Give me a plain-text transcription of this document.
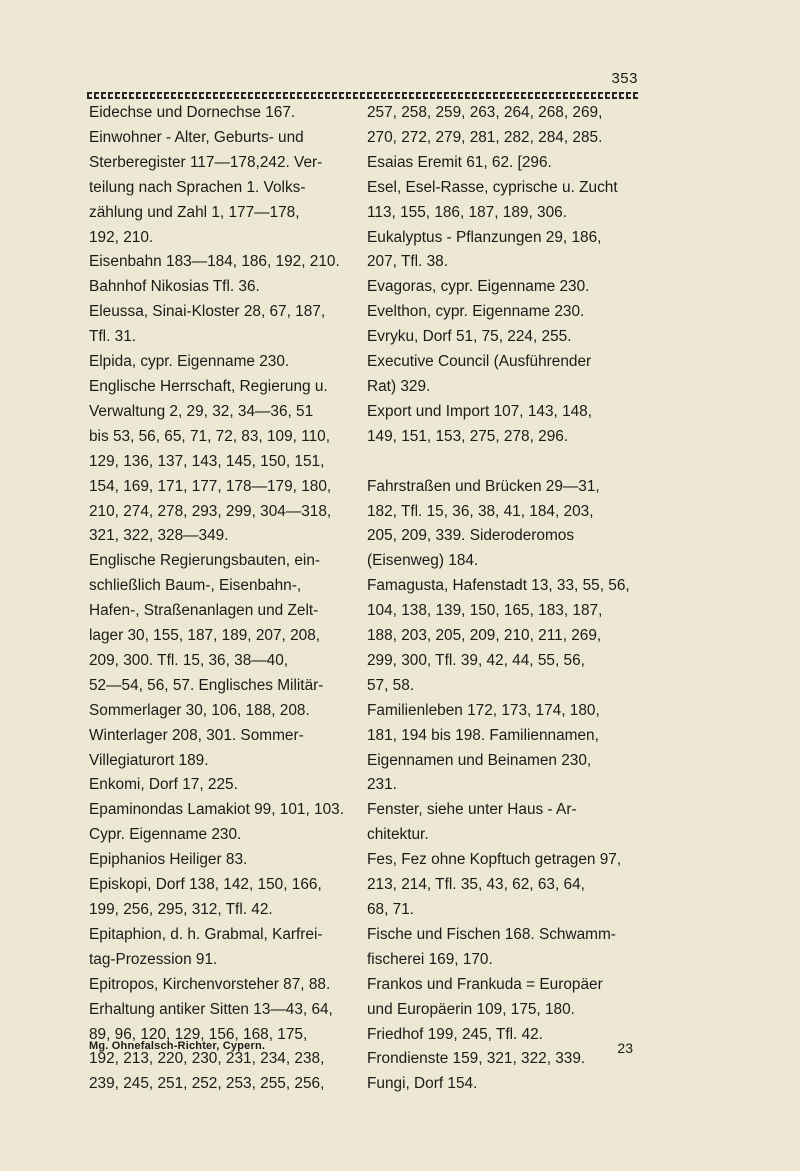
353
Eidechse und Dornechse 167.
Einwohner - Alter, Geburts- und
Sterberegister 117—178,242. Ver-
teilung nach Sprachen 1. Volks-
zählung und Zahl 1, 177—178,
192, 210.
Eisenbahn 183—184, 186, 192, 210.
Bahnhof Nikosias Tfl. 36.
Eleussa, Sinai-Kloster 28, 67, 187,
Tfl. 31.
Elpida, cypr. Eigenname 230.
Englische Herrschaft, Regierung u.
Verwaltung 2, 29, 32, 34—36, 51
bis 53, 56, 65, 71, 72, 83, 109, 110,
129, 136, 137, 143, 145, 150, 151,
154, 169, 171, 177, 178—179, 180,
210, 274, 278, 293, 299, 304—318,
321, 322, 328—349.
Englische Regierungsbauten, ein-
schließlich Baum-, Eisenbahn-,
Hafen-, Straßenanlagen und Zelt-
lager 30, 155, 187, 189, 207, 208,
209, 300. Tfl. 15, 36, 38—40,
52—54, 56, 57. Englisches Militär-
Sommerlager 30, 106, 188, 208.
Winterlager 208, 301. Sommer-
Villegiaturort 189.
Enkomi, Dorf 17, 225.
Epaminondas Lamakiot 99, 101, 103.
Cypr. Eigenname 230.
Epiphanios Heiliger 83.
Episkopi, Dorf 138, 142, 150, 166,
199, 256, 295, 312, Tfl. 42.
Epitaphion, d. h. Grabmal, Karfrei-
tag-Prozession 91.
Epitropos, Kirchenvorsteher 87, 88.
Erhaltung antiker Sitten 13—43, 64,
89, 96, 120, 129, 156, 168, 175,
192, 213, 220, 230, 231, 234, 238,
239, 245, 251, 252, 253, 255, 256,
257, 258, 259, 263, 264, 268, 269,
270, 272, 279, 281, 282, 284, 285.
Esaias Eremit 61, 62. [296.
Esel, Esel-Rasse, cyprische u. Zucht
113, 155, 186, 187, 189, 306.
Eukalyptus - Pflanzungen 29, 186,
207, Tfl. 38.
Evagoras, cypr. Eigenname 230.
Evelthon, cypr. Eigenname 230.
Evryku, Dorf 51, 75, 224, 255.
Executive Council (Ausführender
Rat) 329.
Export und Import 107, 143, 148,
149, 151, 153, 275, 278, 296.

Fahrstraßen und Brücken 29—31,
182, Tfl. 15, 36, 38, 41, 184, 203,
205, 209, 339. Sideroderomos
(Eisenweg) 184.
Famagusta, Hafenstadt 13, 33, 55, 56,
104, 138, 139, 150, 165, 183, 187,
188, 203, 205, 209, 210, 211, 269,
299, 300, Tfl. 39, 42, 44, 55, 56,
57, 58.
Familienleben 172, 173, 174, 180,
181, 194 bis 198. Familiennamen,
Eigennamen und Beinamen 230,
231.
Fenster, siehe unter Haus - Ar-
chitektur.
Fes, Fez ohne Kopftuch getragen 97,
213, 214, Tfl. 35, 43, 62, 63, 64,
68, 71.
Fische und Fischen 168. Schwamm-
fischerei 169, 170.
Frankos und Frankuda = Europäer
und Europäerin 109, 175, 180.
Friedhof 199, 245, Tfl. 42.
Frondienste 159, 321, 322, 339.
Fungi, Dorf 154.
Mg. Ohnefalsch-Richter, Cypern.	23
